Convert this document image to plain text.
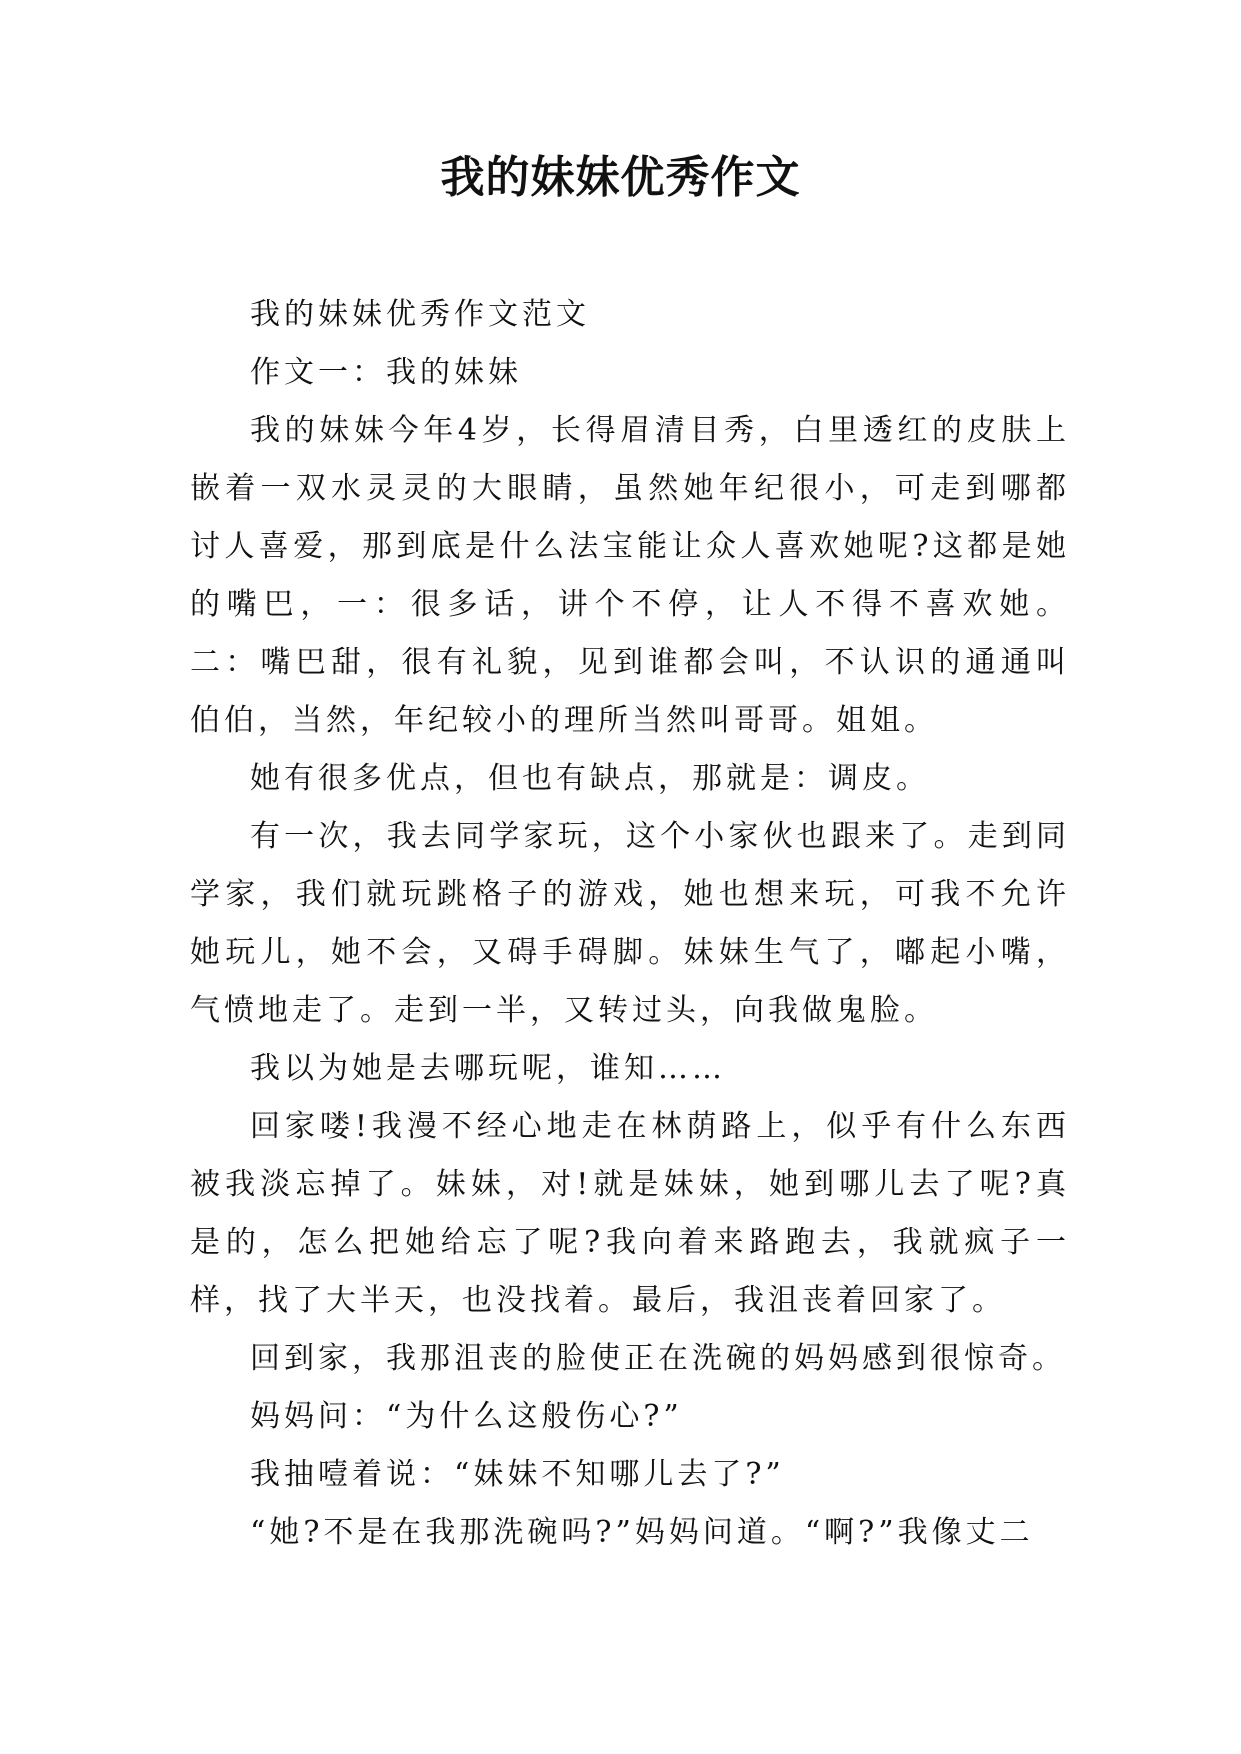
我的妹妹优秀作文

我的妹妹优秀作文范文

作文一：我的妹妹

我的妹妹今年4岁，长得眉清目秀，白里透红的皮肤上嵌着一双水灵灵的大眼睛，虽然她年纪很小，可走到哪都讨人喜爱，那到底是什么法宝能让众人喜欢她呢?这都是她的嘴巴，一：很多话，讲个不停，让人不得不喜欢她。二：嘴巴甜，很有礼貌，见到谁都会叫，不认识的通通叫伯伯，当然，年纪较小的理所当然叫哥哥。姐姐。

她有很多优点，但也有缺点，那就是：调皮。

有一次，我去同学家玩，这个小家伙也跟来了。走到同学家，我们就玩跳格子的游戏，她也想来玩，可我不允许她玩儿，她不会，又碍手碍脚。妹妹生气了，嘟起小嘴，气愤地走了。走到一半，又转过头，向我做鬼脸。

我以为她是去哪玩呢，谁知……

回家喽!我漫不经心地走在林荫路上，似乎有什么东西被我淡忘掉了。妹妹，对!就是妹妹，她到哪儿去了呢?真是的，怎么把她给忘了呢?我向着来路跑去，我就疯子一样，找了大半天，也没找着。最后，我沮丧着回家了。

回到家，我那沮丧的脸使正在洗碗的妈妈感到很惊奇。

妈妈问：“为什么这般伤心?”

我抽噎着说：“妹妹不知哪儿去了?”

“她?不是在我那洗碗吗?”妈妈问道。“啊?”我像丈二
